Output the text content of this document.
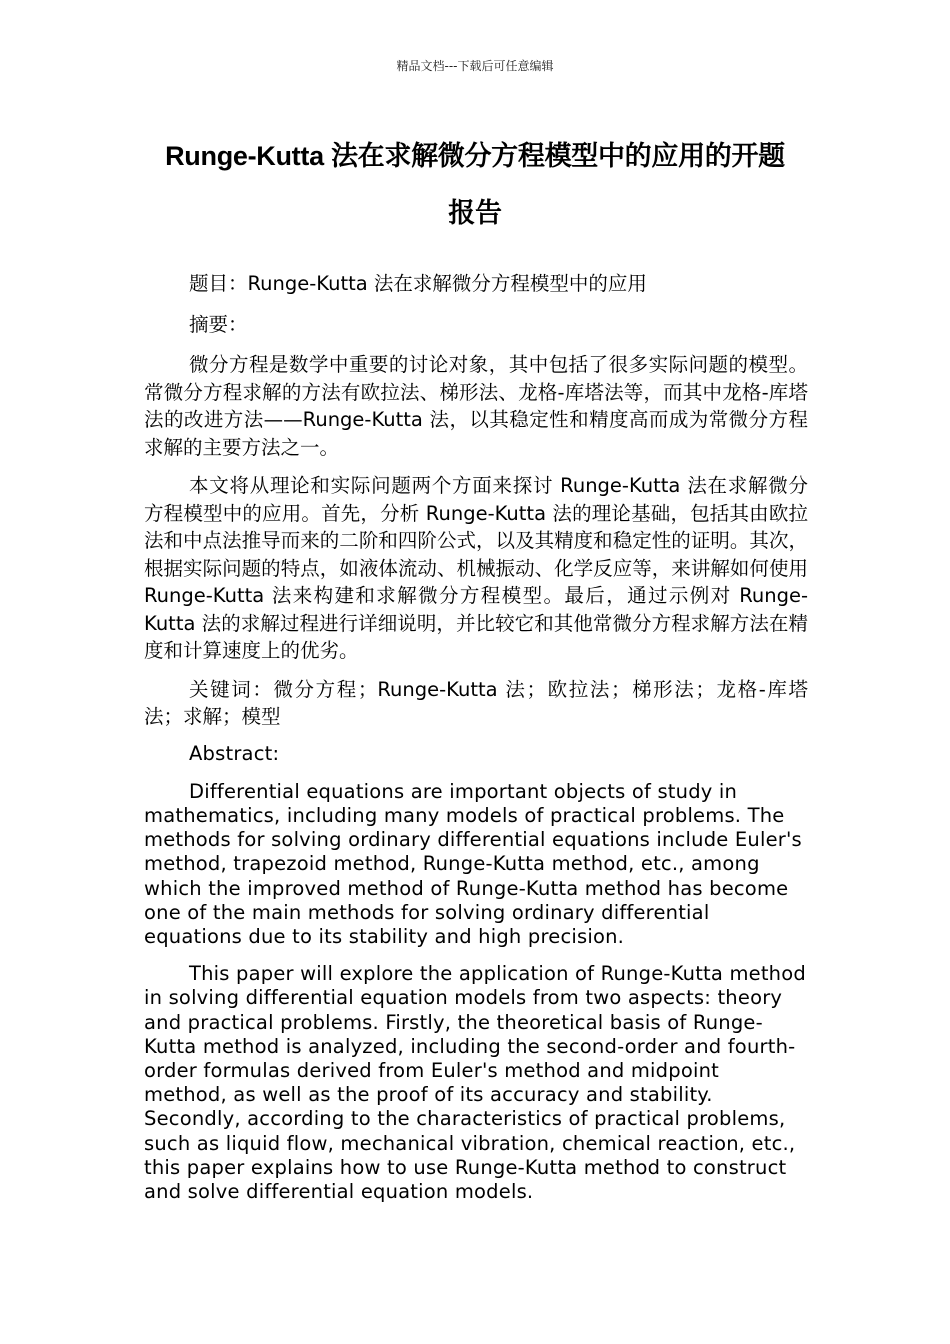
精品文档---下载后可任意编辑
Runge-Kutta 法在求解微分方程模型中的应用的开题
报告

题目：Runge-Kutta 法在求解微分方程模型中的应用

摘要：

微分方程是数学中重要的讨论对象，其中包括了很多实际问题的模型。常微分方程求解的方法有欧拉法、梯形法、龙格-库塔法等，而其中龙格-库塔法的改进方法——Runge-Kutta 法，以其稳定性和精度高而成为常微分方程求解的主要方法之一。

本文将从理论和实际问题两个方面来探讨 Runge-Kutta 法在求解微分方程模型中的应用。首先，分析 Runge-Kutta 法的理论基础，包括其由欧拉法和中点法推导而来的二阶和四阶公式，以及其精度和稳定性的证明。其次，根据实际问题的特点，如液体流动、机械振动、化学反应等，来讲解如何使用 Runge-Kutta 法来构建和求解微分方程模型。最后，通过示例对 Runge-Kutta 法的求解过程进行详细说明，并比较它和其他常微分方程求解方法在精度和计算速度上的优劣。

关键词：微分方程；Runge-Kutta 法；欧拉法；梯形法；龙格-库塔法；求解；模型

Abstract:

Differential equations are important objects of study in mathematics, including many models of practical problems. The methods for solving ordinary differential equations include Euler's method, trapezoid method, Runge-Kutta method, etc., among which the improved method of Runge-Kutta method has become one of the main methods for solving ordinary differential equations due to its stability and high precision.

This paper will explore the application of Runge-Kutta method in solving differential equation models from two aspects: theory and practical problems. Firstly, the theoretical basis of Runge-Kutta method is analyzed, including the second-order and fourth-order formulas derived from Euler's method and midpoint method, as well as the proof of its accuracy and stability. Secondly, according to the characteristics of practical problems, such as liquid flow, mechanical vibration, chemical reaction, etc., this paper explains how to use Runge-Kutta method to construct and solve differential equation models.
